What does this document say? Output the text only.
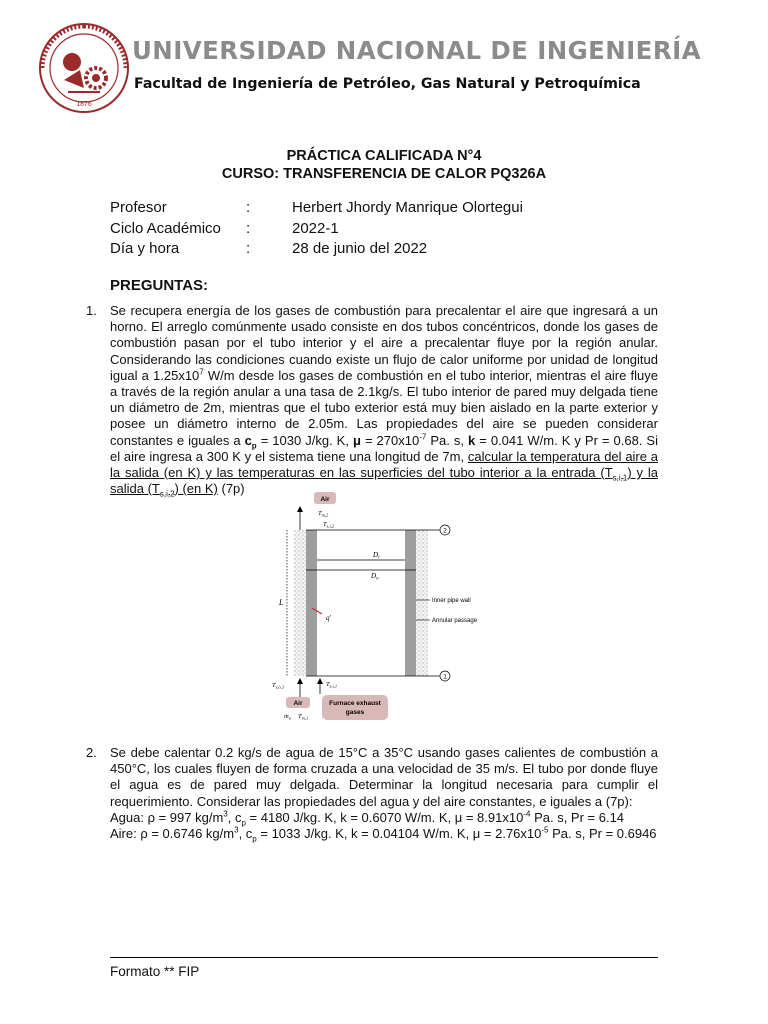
1876
UNIVERSIDAD NACIONAL DE INGENIERÍA
Facultad de Ingeniería de Petróleo, Gas Natural y Petroquímica
PRÁCTICA CALIFICADA N°4
CURSO: TRANSFERENCIA DE CALOR PQ326A
Profesor	:	Herbert Jhordy Manrique Olortegui
Ciclo Académico :	2022-1
Día y hora	:	28 de junio del 2022
PREGUNTAS:
1. Se recupera energía de los gases de combustión para precalentar el aire que ingresará a un horno. El arreglo comúnmente usado consiste en dos tubos concéntricos, donde los gases de combustión pasan por el tubo interior y el aire a precalentar fluye por la región anular. Considerando las condiciones cuando existe un flujo de calor uniforme por unidad de longitud igual a $1.25x10^7$ W/m desde los gases de combustión en el tubo interior, mientras el aire fluye a través de la región anular a una tasa de 2.1kg/s. El tubo interior de pared muy delgada tiene un diámetro de 2m, mientras que el tubo exterior está muy bien aislado en la parte exterior y posee un diámetro interno de 2.05m. Las propiedades del aire se pueden considerar constantes e iguales a $c_p = 1030$ J/kg. K, $\mu = 270x10^{-7}$ Pa. s, k = 0.041 W/m. K y Pr = 0.68. Si el aire ingresa a 300 K y el sistema tiene una longitud de 7m, calcular la temperatura del aire a la salida (en K) y las temperaturas en las superficies del tubo interior a la entrada $(T_{s,i,1})$ y la salida $(T_{s,i,2})$ (en K) (7p)
$D_i$
$D_o$
L
q'
Air
$T_{m,2}$
$T_{s,i,2}$
2
1
Inner pipe wall
Annular passage
$T_{s,o,1}$	$T_{s,i,1}$
Air
ṁ$_a$ $T_{m,1}$
Furnace exhaust
gases
2. Se debe calentar 0.2 kg/s de agua de 15°C a 35°C usando gases calientes de combustión a 450°C, los cuales fluyen de forma cruzada a una velocidad de 35 m/s. El tubo por donde fluye el agua es de pared muy delgada. Determinar la longitud necesaria para cumplir el requerimiento. Considerar las propiedades del agua y del aire constantes, e iguales a (7p):
Agua: ρ = 997 $kg/m^3$, $c_p = 4180$ J/kg. K, k = 0.6070 W/m. K, $\mu = 8.91x10^{-4}$ Pa. s, Pr = 6.14
Aire: ρ = 0.6746 $kg/m^3$, $c_p = 1033$ J/kg. K, k = 0.04104 W/m. K, $\mu = 2.76x10^{-5}$ Pa. s, Pr = 0.6946
Formato ** FIP
